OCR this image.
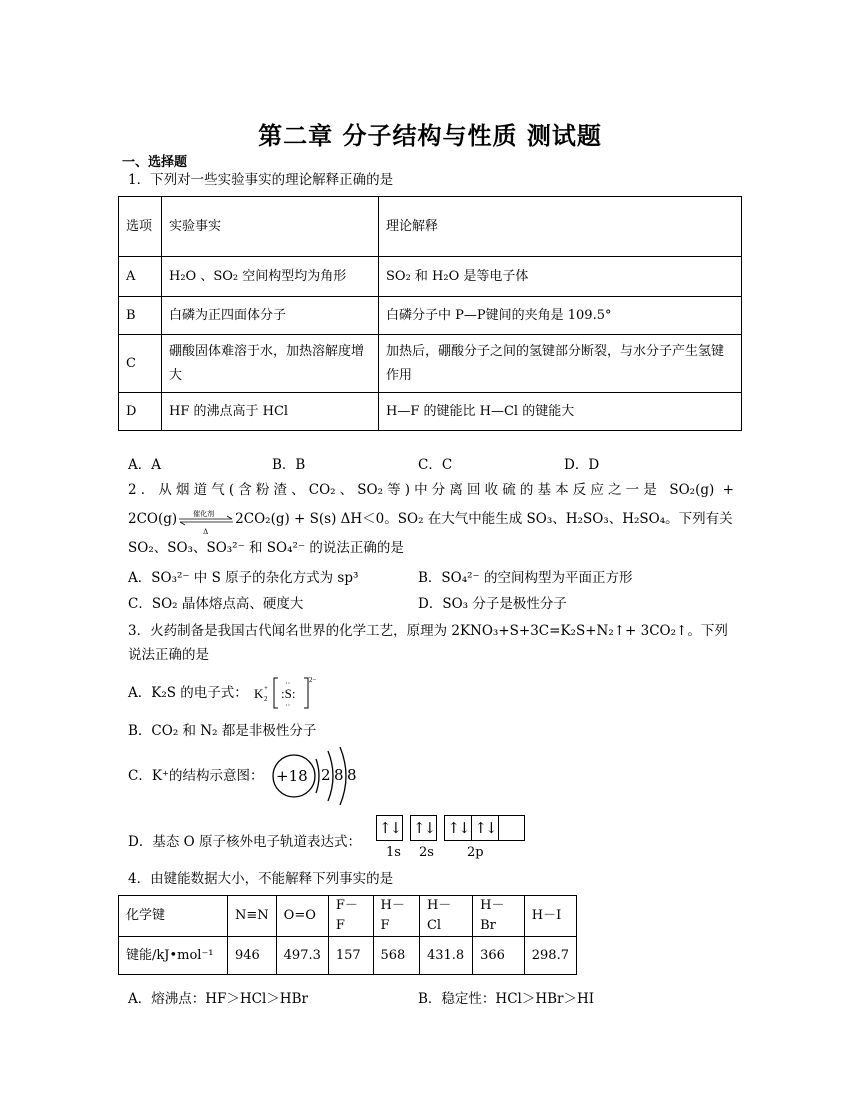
第二章 分子结构与性质 测试题
一、选择题
1．下列对一些实验事实的理论解释正确的是
选项	实验事实	理论解释
A	H₂O 、SO₂ 空间构型均为角形	SO₂ 和 H₂O 是等电子体
B	白磷为正四面体分子	白磷分子中 P—P键间的夹角是 109.5°
C	硼酸固体难溶于水，加热溶解度增大	加热后，硼酸分子之间的氢键部分断裂，与水分子产生氢键作用
D	HF 的沸点高于 HCl	H—F 的键能比 H—Cl 的键能大
A．A	B．B	C．C	D．D
2．从烟道气(含粉渣、CO₂、SO₂等)中分离回收硫的基本反应之一是 SO₂(g) +
2CO(g) 催化剂
Δ
2CO₂(g) + S(s) ΔH＜0。SO₂ 在大气中能生成 SO₃、H₂SO₃、H₂SO₄。下列有关
SO₂、SO₃、SO₃²⁻ 和 SO₄²⁻ 的说法正确的是
A．SO₃²⁻ 中 S 原子的杂化方式为 sp³	B．SO₄²⁻ 的空间构型为平面正方形
C．SO₂ 晶体熔点高、硬度大	D．SO₃ 分子是极性分子
3．火药制备是我国古代闻名世界的化学工艺，原理为 2KNO₃+S+3C=K₂S+N₂↑+ 3CO₂↑。下列
说法正确的是
A．K₂S 的电子式： K +
2 :S:
··
··
2−
B．CO₂ 和 N₂ 都是非极性分子
C．K⁺的结构示意图： +18 2 8 8
D．基态 O 原子核外电子轨道表达式：
↑↓ ↑↓ ↑↓ ↑↓
1s 2s	2p
4．由键能数据大小，不能解释下列事实的是
化学键	N≡N	O=O	F－F	H－F	H－Cl	H－Br	H－I
键能/kJ•mol⁻¹	946	497.3	157	568	431.8	366	298.7
A．熔沸点：HF＞HCl＞HBr	B．稳定性：HCl＞HBr＞HI
